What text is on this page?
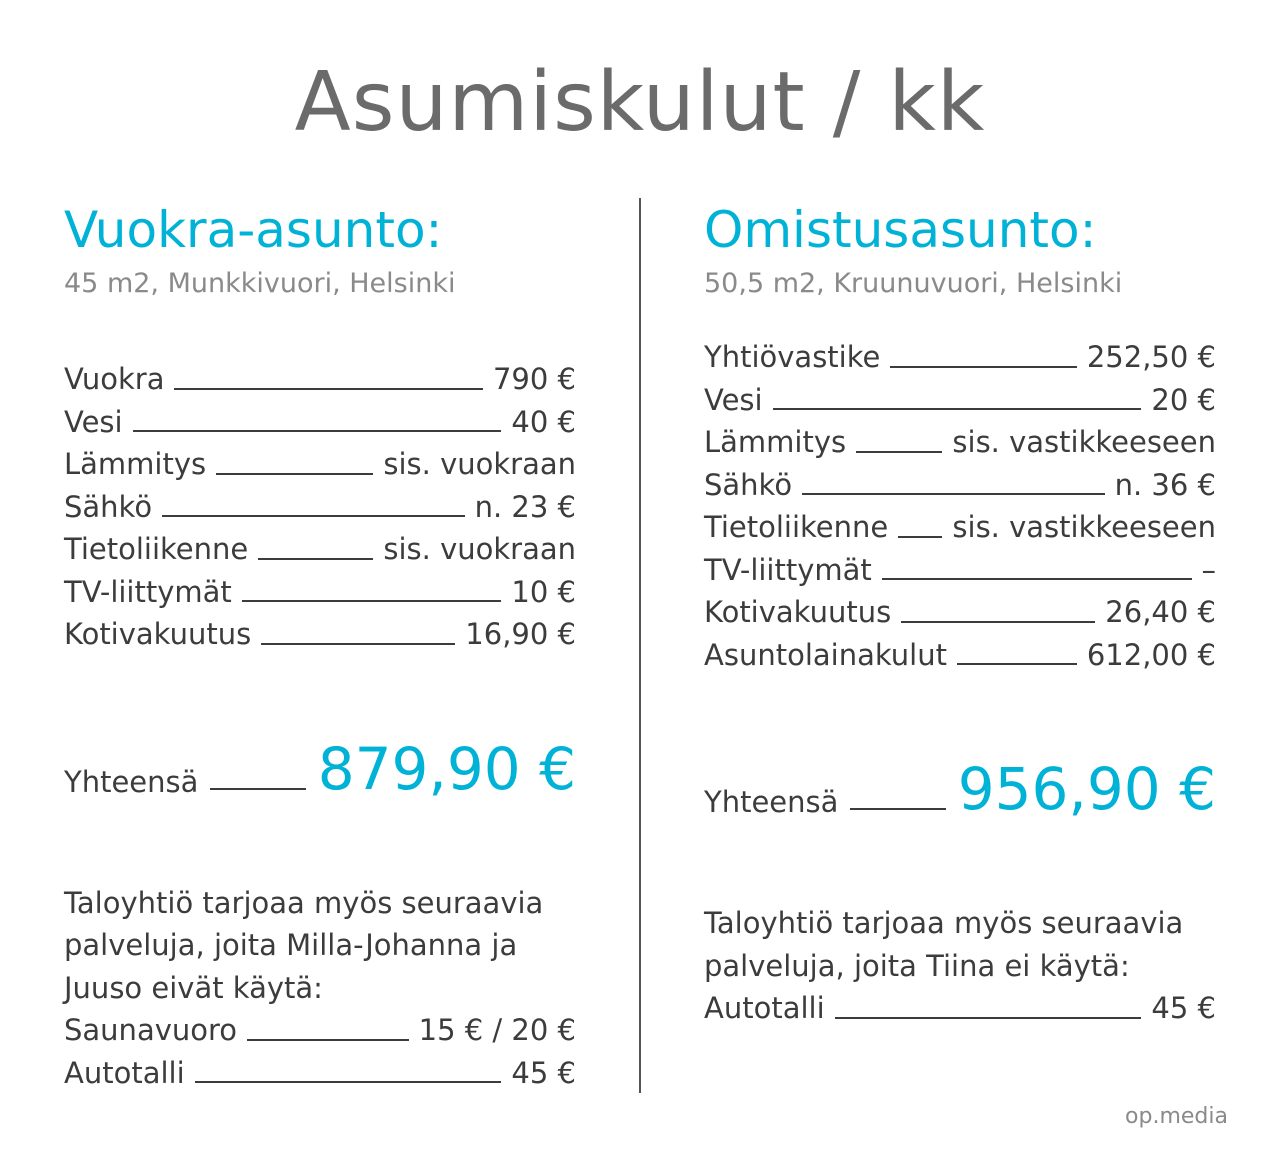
Asumiskulut / kk
Vuokra-asunto:
45 m2, Munkkivuori, Helsinki
Vuokra	790 €
Vesi	40 €
Lämmitys	sis. vuokraan
Sähkö	n. 23 €
Tietoliikenne	sis. vuokraan
TV-liittymät	10 €
Kotivakuutus	16,90 €
Yhteensä 879,90 €
Taloyhtiö tarjoaa myös seuraavia
palveluja, joita Milla-Johanna ja
Juuso eivät käytä:
Saunavuoro	15 € / 20 €
Autotalli	45 €
Omistusasunto:
50,5 m2, Kruunuvuori, Helsinki
Yhtiövastike	252,50 €
Vesi	20 €
Lämmitys	sis. vastikkeeseen
Sähkö	n. 36 €
Tietoliikenne sis. vastikkeeseen
TV-liittymät	–
Kotivakuutus	26,40 €
Asuntolainakulut	612,00 €
Yhteensä 956,90 €
Taloyhtiö tarjoaa myös seuraavia
palveluja, joita Tiina ei käytä:
Autotalli	45 €
op.media
